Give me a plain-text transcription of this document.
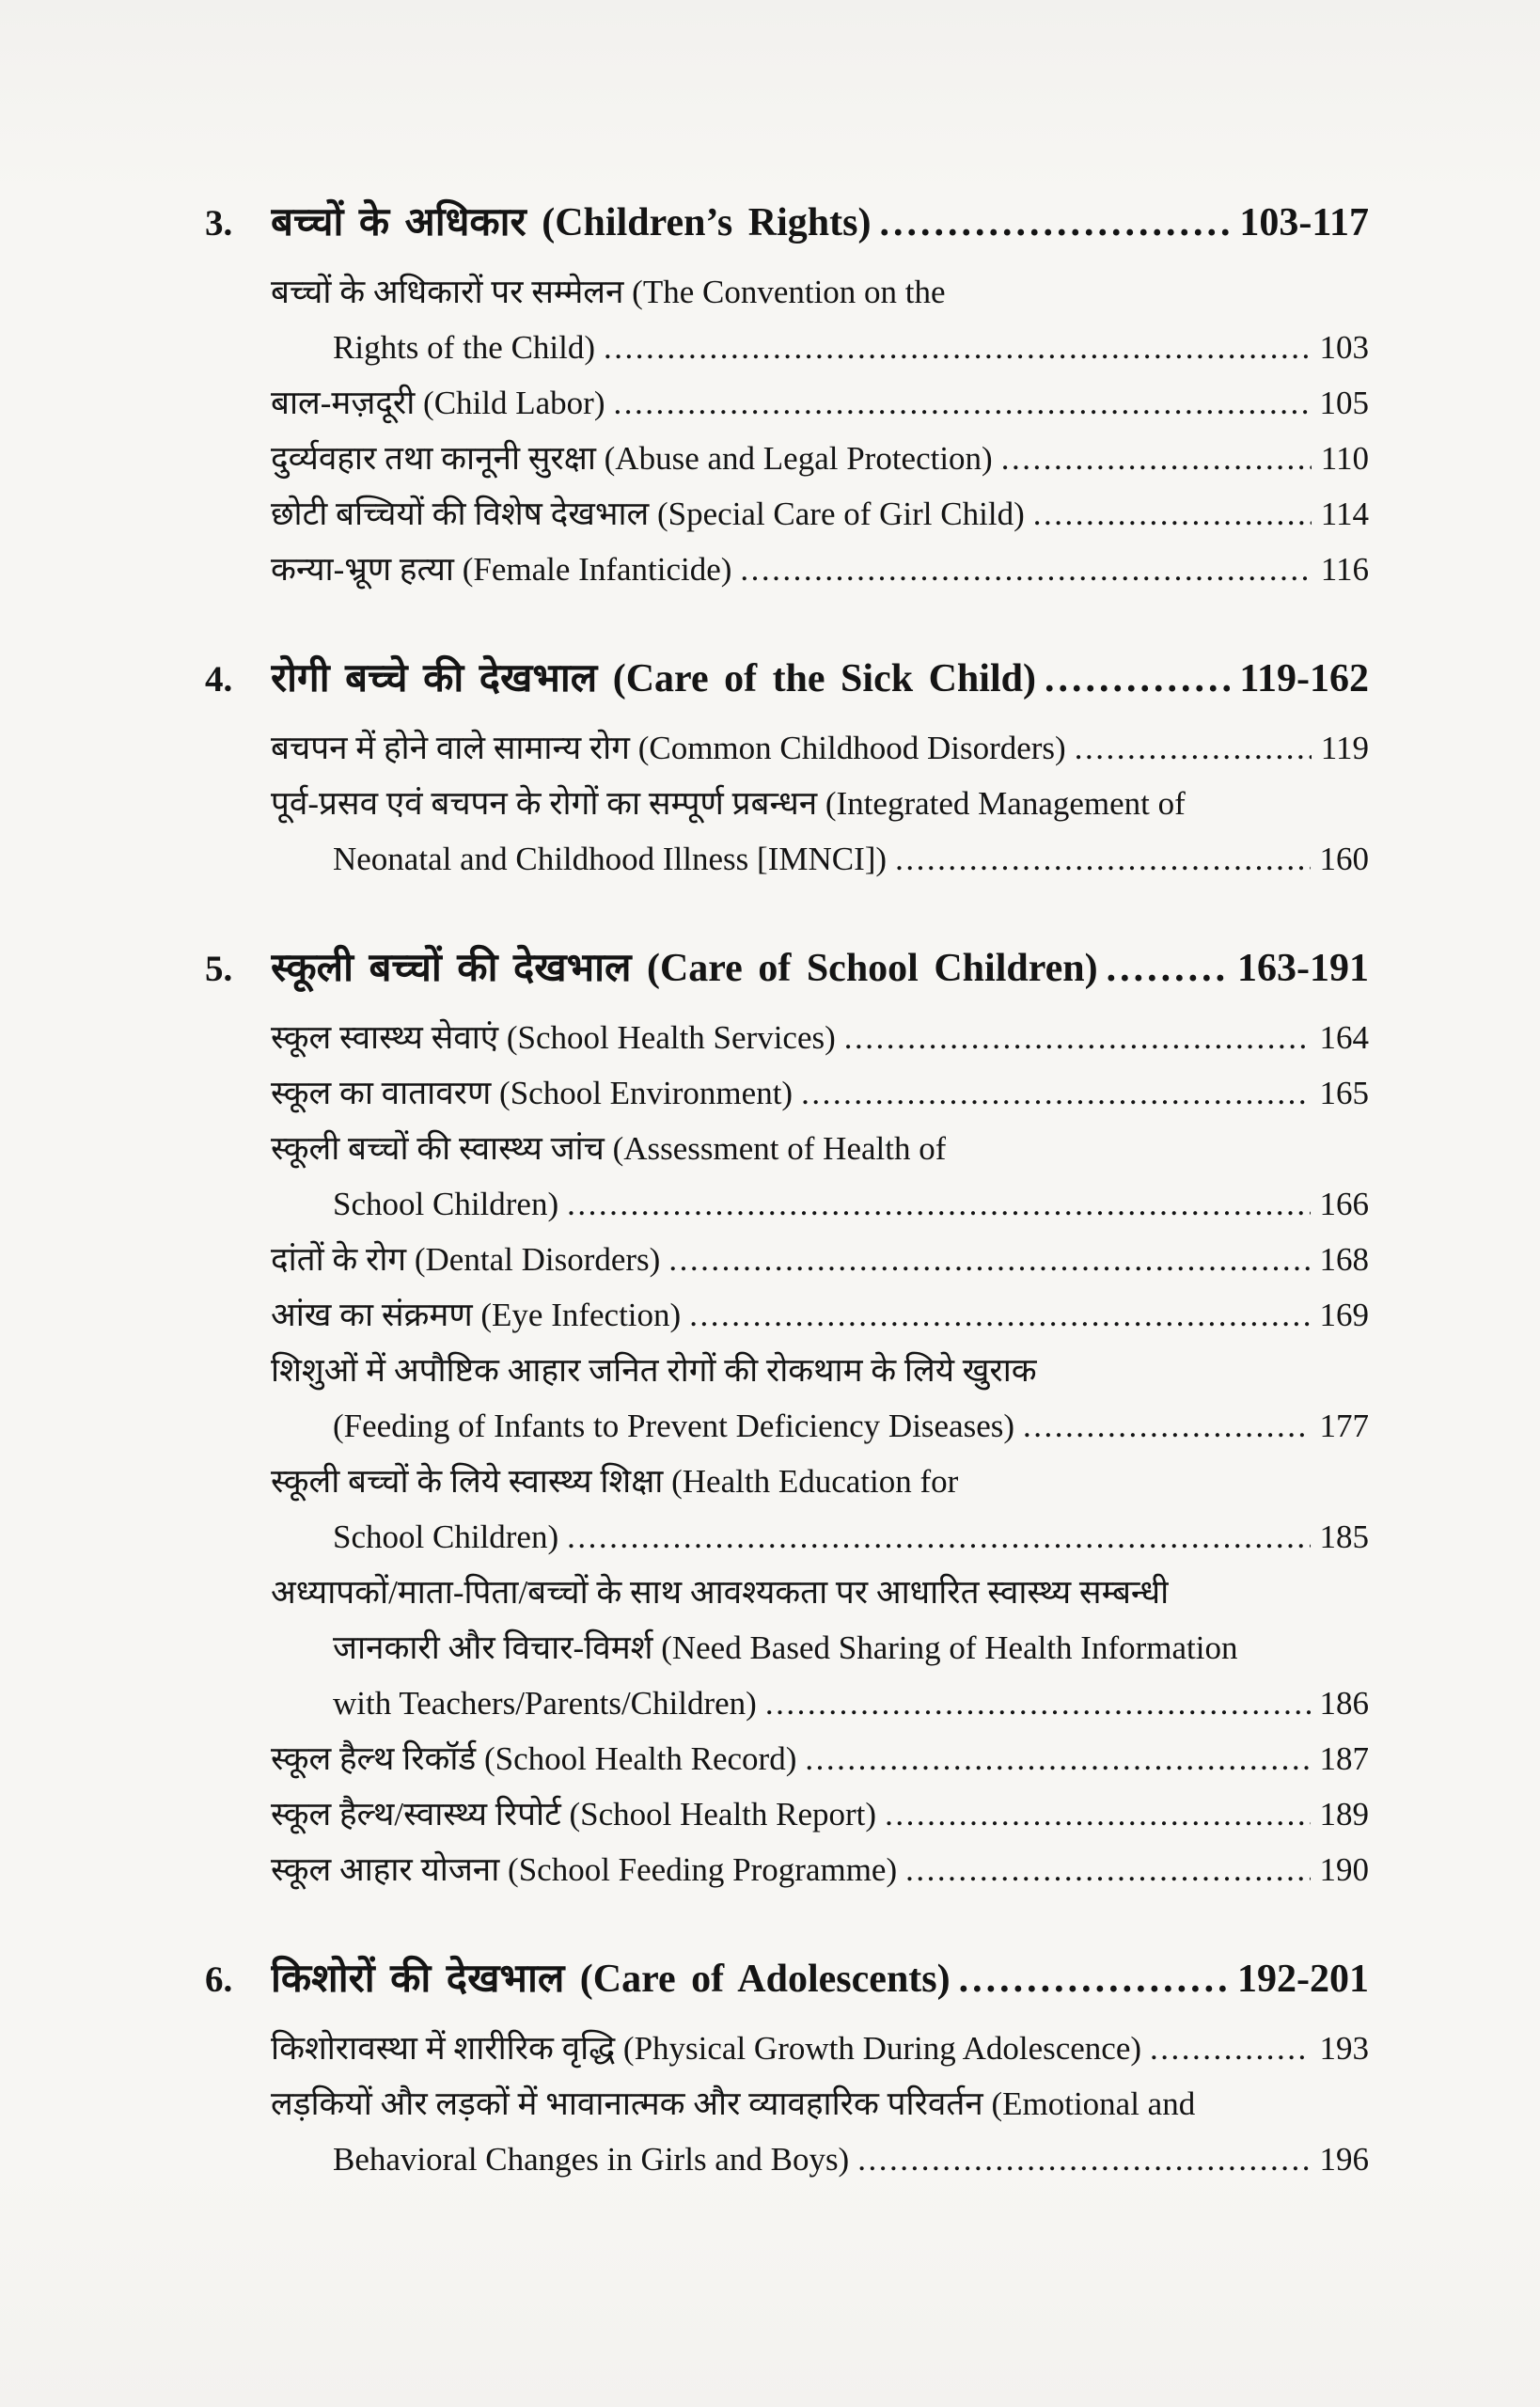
3. बच्चों के अधिकार (Children’s Rights) .....	103-117
बच्चों के अधिकारों पर सम्मेलन (The Convention on the
Rights of the Child) .....	103
बाल-मज़दूरी (Child Labor) .....	105
दुर्व्यवहार तथा कानूनी सुरक्षा (Abuse and Legal Protection) .....	110
छोटी बच्चियों की विशेष देखभाल (Special Care of Girl Child) .....	114
कन्या-भ्रूण हत्या (Female Infanticide) .....	116
4. रोगी बच्चे की देखभाल (Care of the Sick Child) .....	119-162
बचपन में होने वाले सामान्य रोग (Common Childhood Disorders) .....	119
पूर्व-प्रसव एवं बचपन के रोगों का सम्पूर्ण प्रबन्धन (Integrated Management of
Neonatal and Childhood Illness [IMNCI]) .....	160
5. स्कूली बच्चों की देखभाल (Care of School Children) .....	163-191
स्कूल स्वास्थ्य सेवाएं (School Health Services) .....	164
स्कूल का वातावरण (School Environment) .....	165
स्कूली बच्चों की स्वास्थ्य जांच (Assessment of Health of
School Children) .....	166
दांतों के रोग (Dental Disorders) .....	168
आंख का संक्रमण (Eye Infection) .....	169
शिशुओं में अपौष्टिक आहार जनित रोगों की रोकथाम के लिये खुराक
(Feeding of Infants to Prevent Deficiency Diseases) .....	177
स्कूली बच्चों के लिये स्वास्थ्य शिक्षा (Health Education for
School Children) .....	185
अध्यापकों/माता-पिता/बच्चों के साथ आवश्यकता पर आधारित स्वास्थ्य सम्बन्धी
जानकारी और विचार-विमर्श (Need Based Sharing of Health Information
with Teachers/Parents/Children) .....	186
स्कूल हैल्थ रिकॉर्ड (School Health Record) .....	187
स्कूल हैल्थ/स्वास्थ्य रिपोर्ट (School Health Report) .....	189
स्कूल आहार योजना (School Feeding Programme) .....	190
6. किशोरों की देखभाल (Care of Adolescents) .....	192-201
किशोरावस्था में शारीरिक वृद्धि (Physical Growth During Adolescence) .....	193
लड़कियों और लड़कों में भावानात्मक और व्यावहारिक परिवर्तन (Emotional and
Behavioral Changes in Girls and Boys) .....	196
